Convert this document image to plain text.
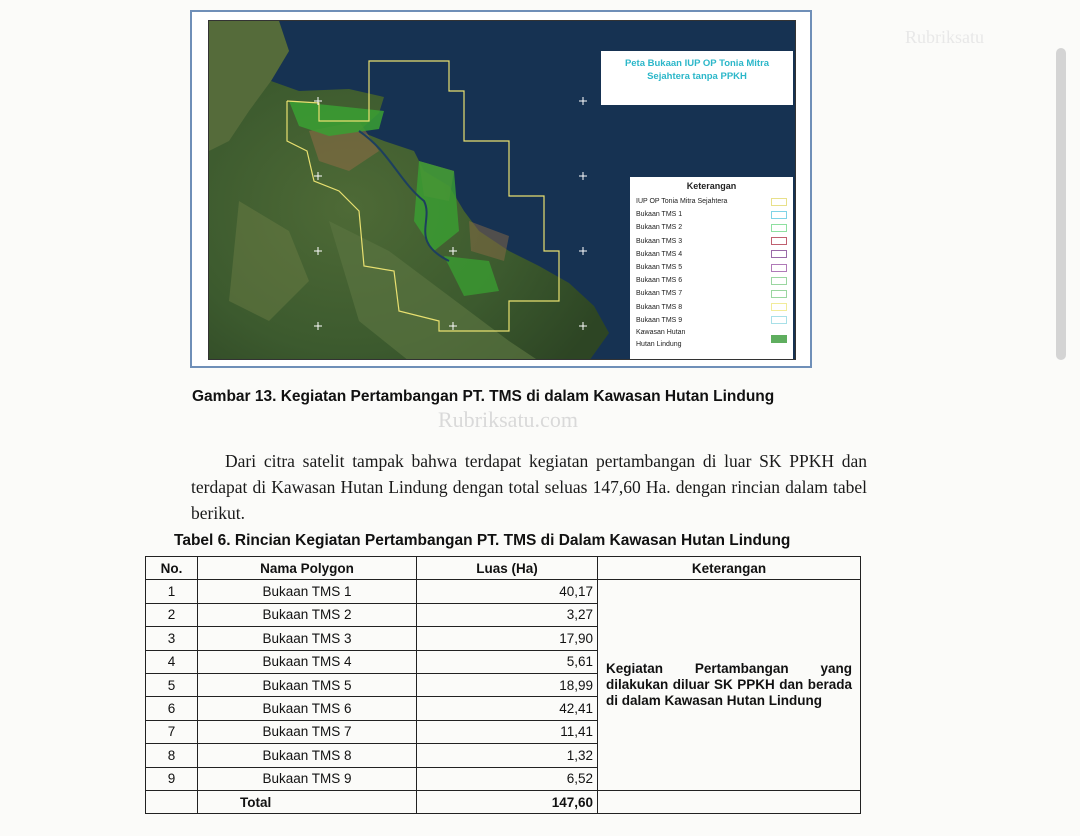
Peta Bukaan IUP OP Tonia Mitra Sejahtera tanpa PPKH
Keterangan
IUP OP Tonia Mitra Sejahtera
Bukaan TMS 1
Bukaan TMS 2
Bukaan TMS 3
Bukaan TMS 4
Bukaan TMS 5
Bukaan TMS 6
Bukaan TMS 7
Bukaan TMS 8
Bukaan TMS 9
Kawasan Hutan
Hutan Lindung
Gambar 13. Kegiatan Pertambangan PT. TMS di dalam Kawasan Hutan Lindung
Rubriksatu.com
Rubriksatu
Dari citra satelit tampak bahwa terdapat kegiatan pertambangan di luar SK PPKH dan terdapat di Kawasan Hutan Lindung dengan total seluas 147,60 Ha. dengan rincian dalam tabel berikut.
Tabel 6. Rincian Kegiatan Pertambangan PT. TMS di Dalam Kawasan Hutan Lindung
No.	Nama Polygon	Luas (Ha)	Keterangan
1	Bukaan TMS 1	40,17	Kegiatan Pertambangan yang dilakukan diluar SK PPKH dan berada di dalam Kawasan Hutan Lindung
2	Bukaan TMS 2	3,27	
3	Bukaan TMS 3	17,90	
4	Bukaan TMS 4	5,61	
5	Bukaan TMS 5	18,99	
6	Bukaan TMS 6	42,41	
7	Bukaan TMS 7	11,41	
8	Bukaan TMS 8	1,32	
9	Bukaan TMS 9	6,52	
	Total	147,60	
